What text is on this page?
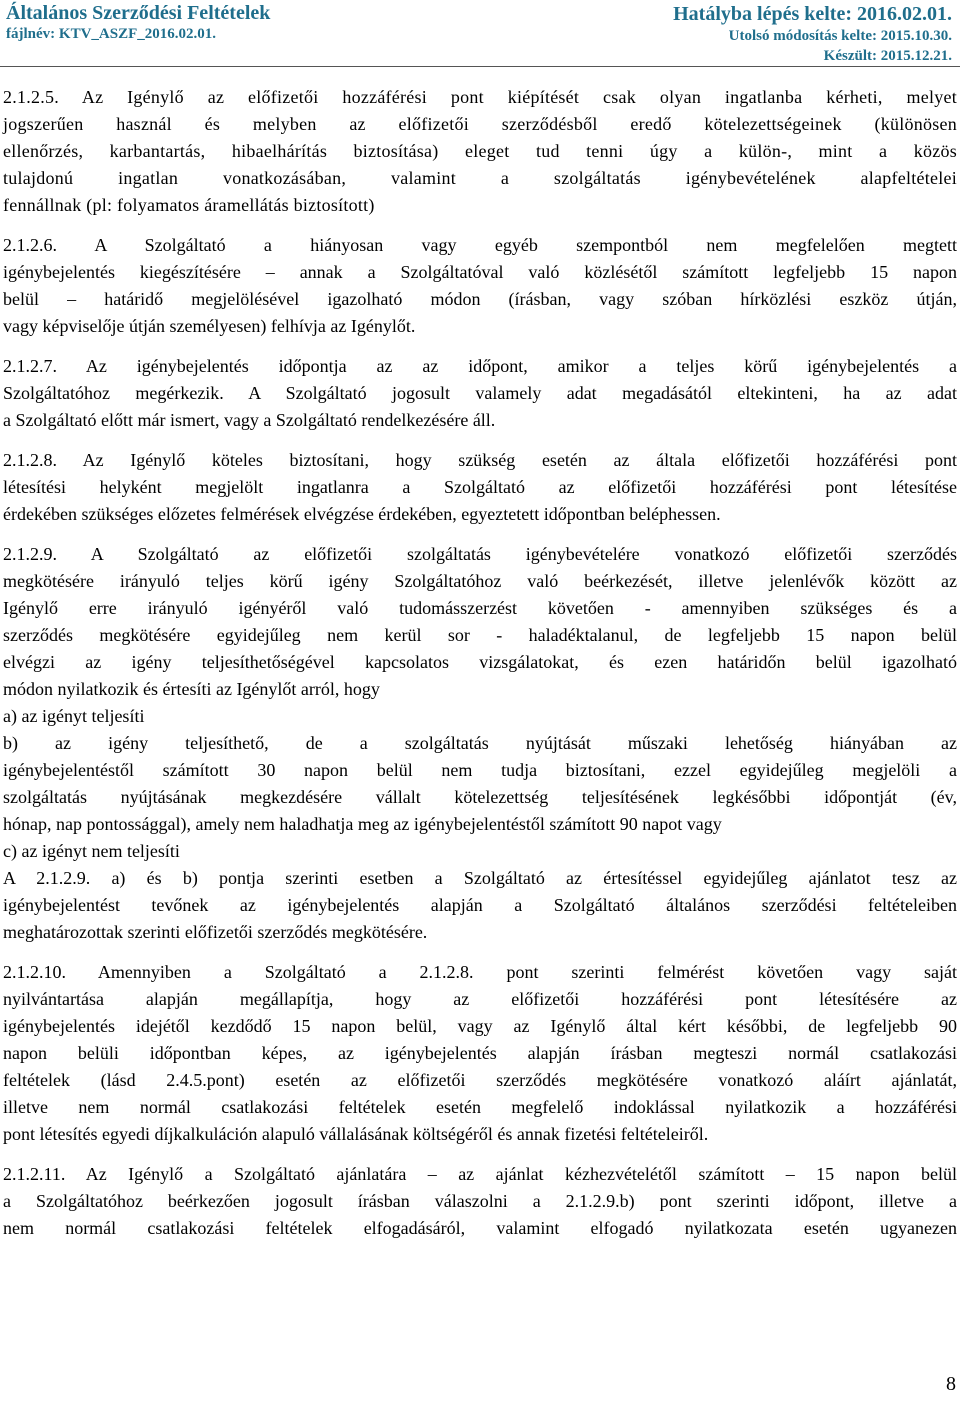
Általános Szerződési Feltételek
fájlnév: KTV_ASZF_2016.02.01.
Hatályba lépés kelte: 2016.02.01.
Utolsó módosítás kelte: 2015.10.30.
Készült: 2015.12.21.
2.1.2.5. Az Igénylő az előfizetői hozzáférési pont kiépítését csak olyan ingatlanba kérheti, melyet
jogszerűen használ és melyben az előfizetői szerződésből eredő kötelezettségeinek (különösen
ellenőrzés, karbantartás, hibaelhárítás biztosítása) eleget tud tenni úgy a külön-, mint a közös
tulajdonú ingatlan vonatkozásában, valamint a szolgáltatás igénybevételének alapfeltételei
fennállnak (pl: folyamatos áramellátás biztosított)
2.1.2.6. A Szolgáltató a hiányosan vagy egyéb szempontból nem megfelelően megtett
igénybejelentés kiegészítésére – annak a Szolgáltatóval való közlésétől számított legfeljebb 15 napon
belül – határidő megjelölésével igazolható módon (írásban, vagy szóban hírközlési eszköz útján,
vagy képviselője útján személyesen) felhívja az Igénylőt.
2.1.2.7. Az igénybejelentés időpontja az az időpont, amikor a teljes körű igénybejelentés a
Szolgáltatóhoz megérkezik. A Szolgáltató jogosult valamely adat megadásától eltekinteni, ha az adat
a Szolgáltató előtt már ismert, vagy a Szolgáltató rendelkezésére áll.
2.1.2.8. Az Igénylő köteles biztosítani, hogy szükség esetén az általa előfizetői hozzáférési pont
létesítési helyként megjelölt ingatlanra a Szolgáltató az előfizetői hozzáférési pont létesítése
érdekében szükséges előzetes felmérések elvégzése érdekében, egyeztetett időpontban beléphessen.
2.1.2.9. A Szolgáltató az előfizetői szolgáltatás igénybevételére vonatkozó előfizetői szerződés
megkötésére irányuló teljes körű igény Szolgáltatóhoz való beérkezését, illetve jelenlévők között az
Igénylő erre irányuló igényéről való tudomásszerzést követően - amennyiben szükséges és a
szerződés megkötésére egyidejűleg nem kerül sor - haladéktalanul, de legfeljebb 15 napon belül
elvégzi az igény teljesíthetőségével kapcsolatos vizsgálatokat, és ezen határidőn belül igazolható
módon nyilatkozik és értesíti az Igénylőt arról, hogy
a) az igényt teljesíti
b) az igény teljesíthető, de a szolgáltatás nyújtását műszaki lehetőség hiányában az
igénybejelentéstől számított 30 napon belül nem tudja biztosítani, ezzel egyidejűleg megjelöli a
szolgáltatás nyújtásának megkezdésére vállalt kötelezettség teljesítésének legkésőbbi időpontját (év,
hónap, nap pontossággal), amely nem haladhatja meg az igénybejelentéstől számított 90 napot vagy
c) az igényt nem teljesíti
A 2.1.2.9. a) és b) pontja szerinti esetben a Szolgáltató az értesítéssel egyidejűleg ajánlatot tesz az
igénybejelentést tevőnek az igénybejelentés alapján a Szolgáltató általános szerződési feltételeiben
meghatározottak szerinti előfizetői szerződés megkötésére.
2.1.2.10. Amennyiben a Szolgáltató a 2.1.2.8. pont szerinti felmérést követően vagy saját
nyilvántartása alapján megállapítja, hogy az előfizetői hozzáférési pont létesítésére az
igénybejelentés idejétől kezdődő 15 napon belül, vagy az Igénylő által kért későbbi, de legfeljebb 90
napon belüli időpontban képes, az igénybejelentés alapján írásban megteszi normál csatlakozási
feltételek (lásd 2.4.5.pont) esetén az előfizetői szerződés megkötésére vonatkozó aláírt ajánlatát,
illetve nem normál csatlakozási feltételek esetén megfelelő indoklással nyilatkozik a hozzáférési
pont létesítés egyedi díjkalkuláción alapuló vállalásának költségéről és annak fizetési feltételeiről.
2.1.2.11. Az Igénylő a Szolgáltató ajánlatára – az ajánlat kézhezvételétől számított – 15 napon belül
a Szolgáltatóhoz beérkezően jogosult írásban válaszolni a 2.1.2.9.b) pont szerinti időpont, illetve a
nem normál csatlakozási feltételek elfogadásáról, valamint elfogadó nyilatkozata esetén ugyanezen
8
